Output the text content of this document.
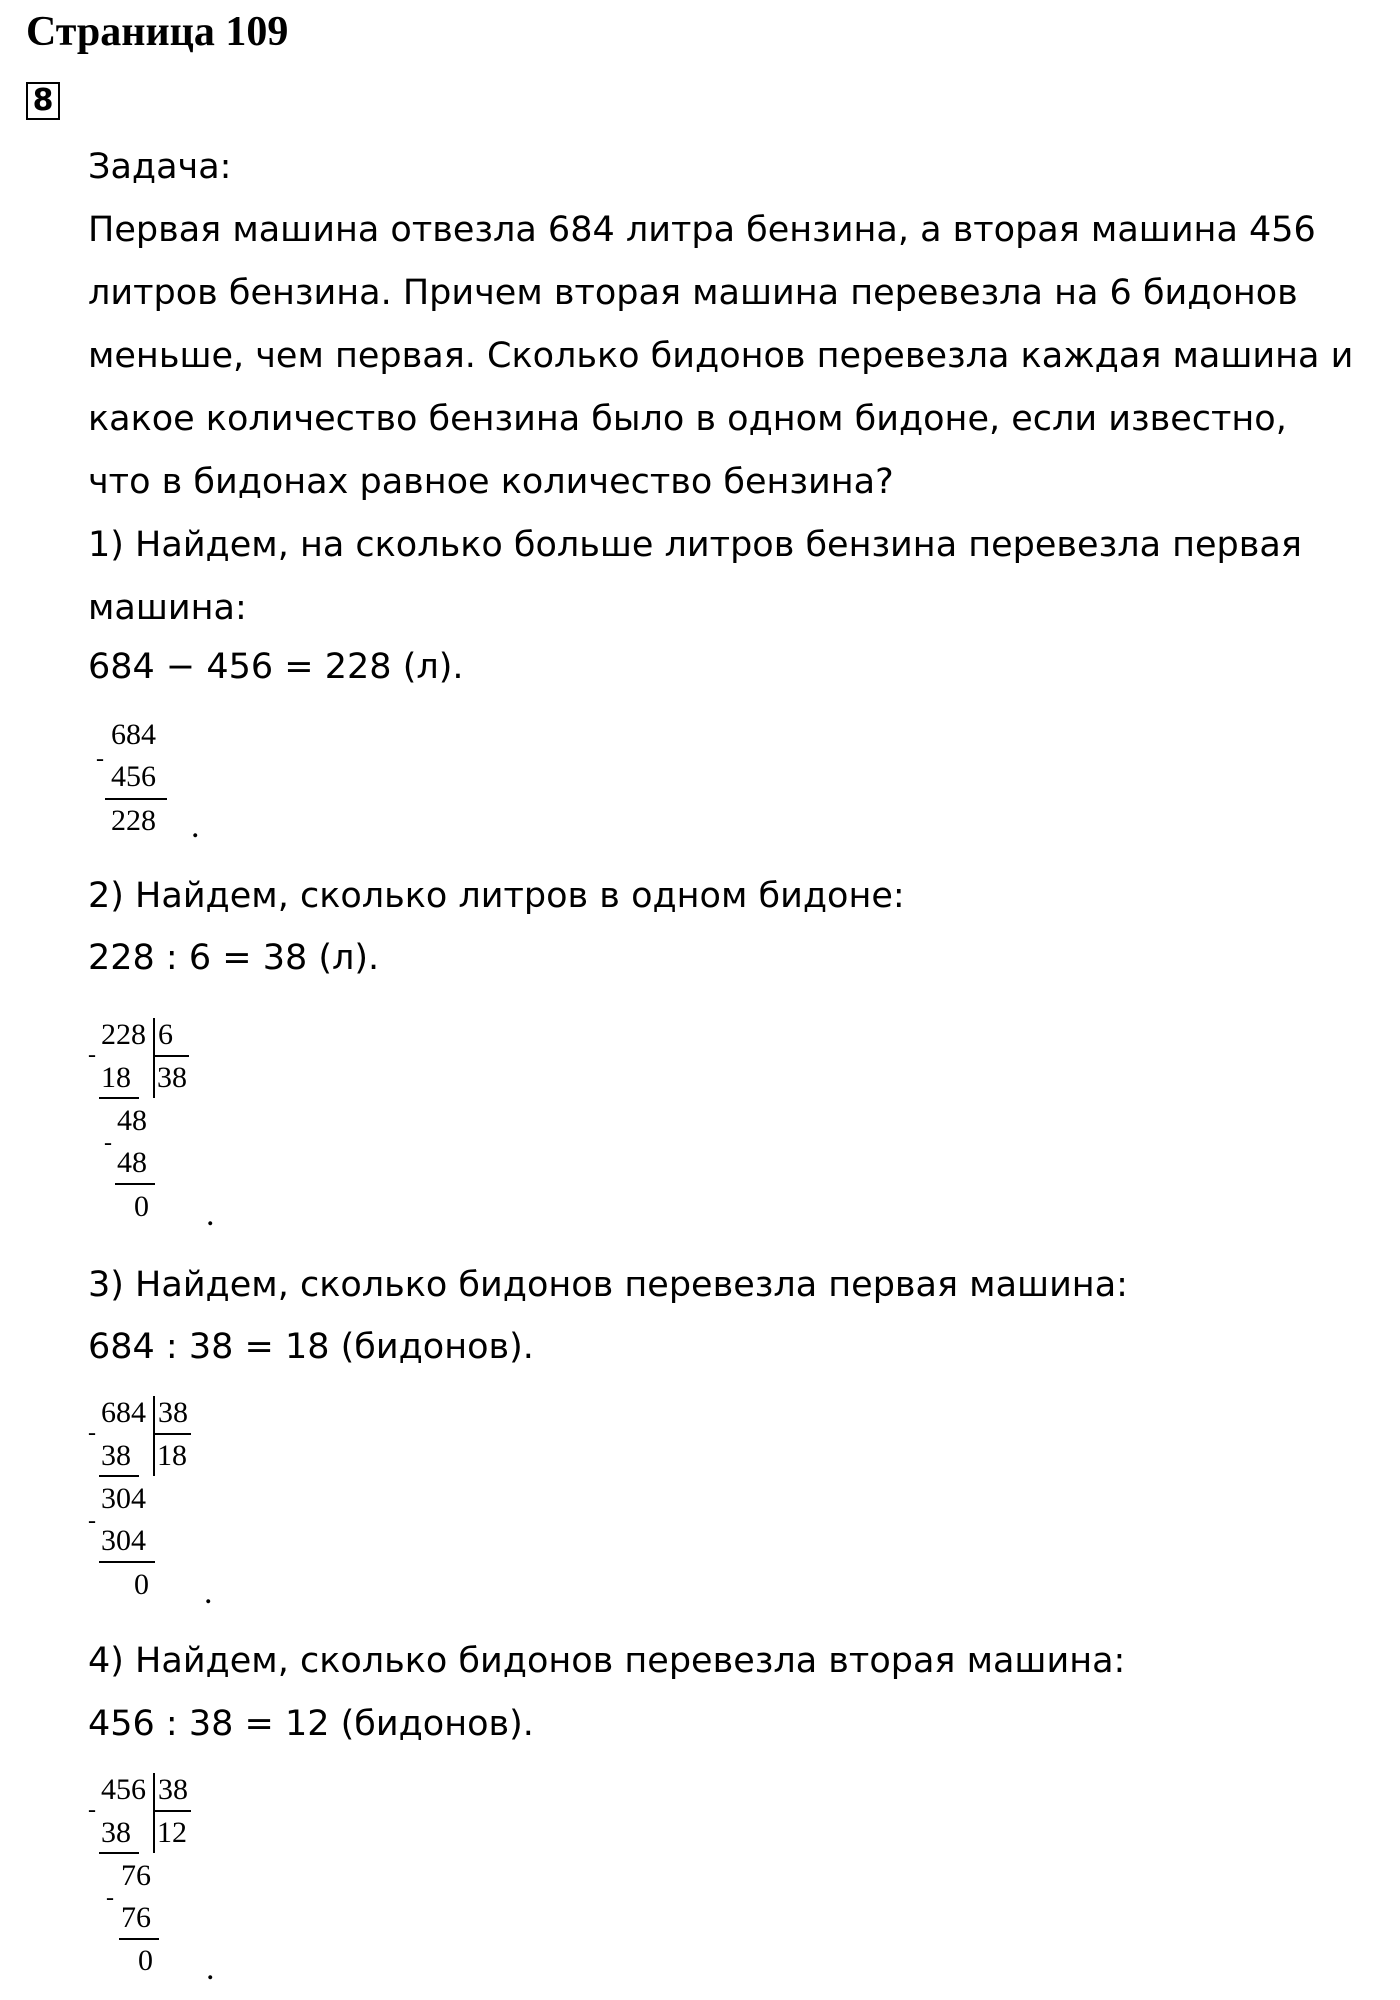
Страница 109
8
Задача:
Первая машина отвезла 684 литра бензина, а вторая машина 456
литров бензина. Причем вторая машина перевезла на 6 бидонов
меньше, чем первая. Сколько бидонов перевезла каждая машина и
какое количество бензина было в одном бидоне, если известно,
что в бидонах равное количество бензина?
1) Найдем, на сколько больше литров бензина перевезла первая
машина:
684 − 456 = 228 (л).
684
-
456
228 .
2) Найдем, сколько литров в одном бидоне:
228 : 6 = 38 (л).
228 6
38
-
18
48
-
48
0 .
3) Найдем, сколько бидонов перевезла первая машина:
684 : 38 = 18 (бидонов).
684 38
18
-
38
304
-
304
0 .
4) Найдем, сколько бидонов перевезла вторая машина:
456 : 38 = 12 (бидонов).
456 38
12
-
38
76
-
76
0 .
